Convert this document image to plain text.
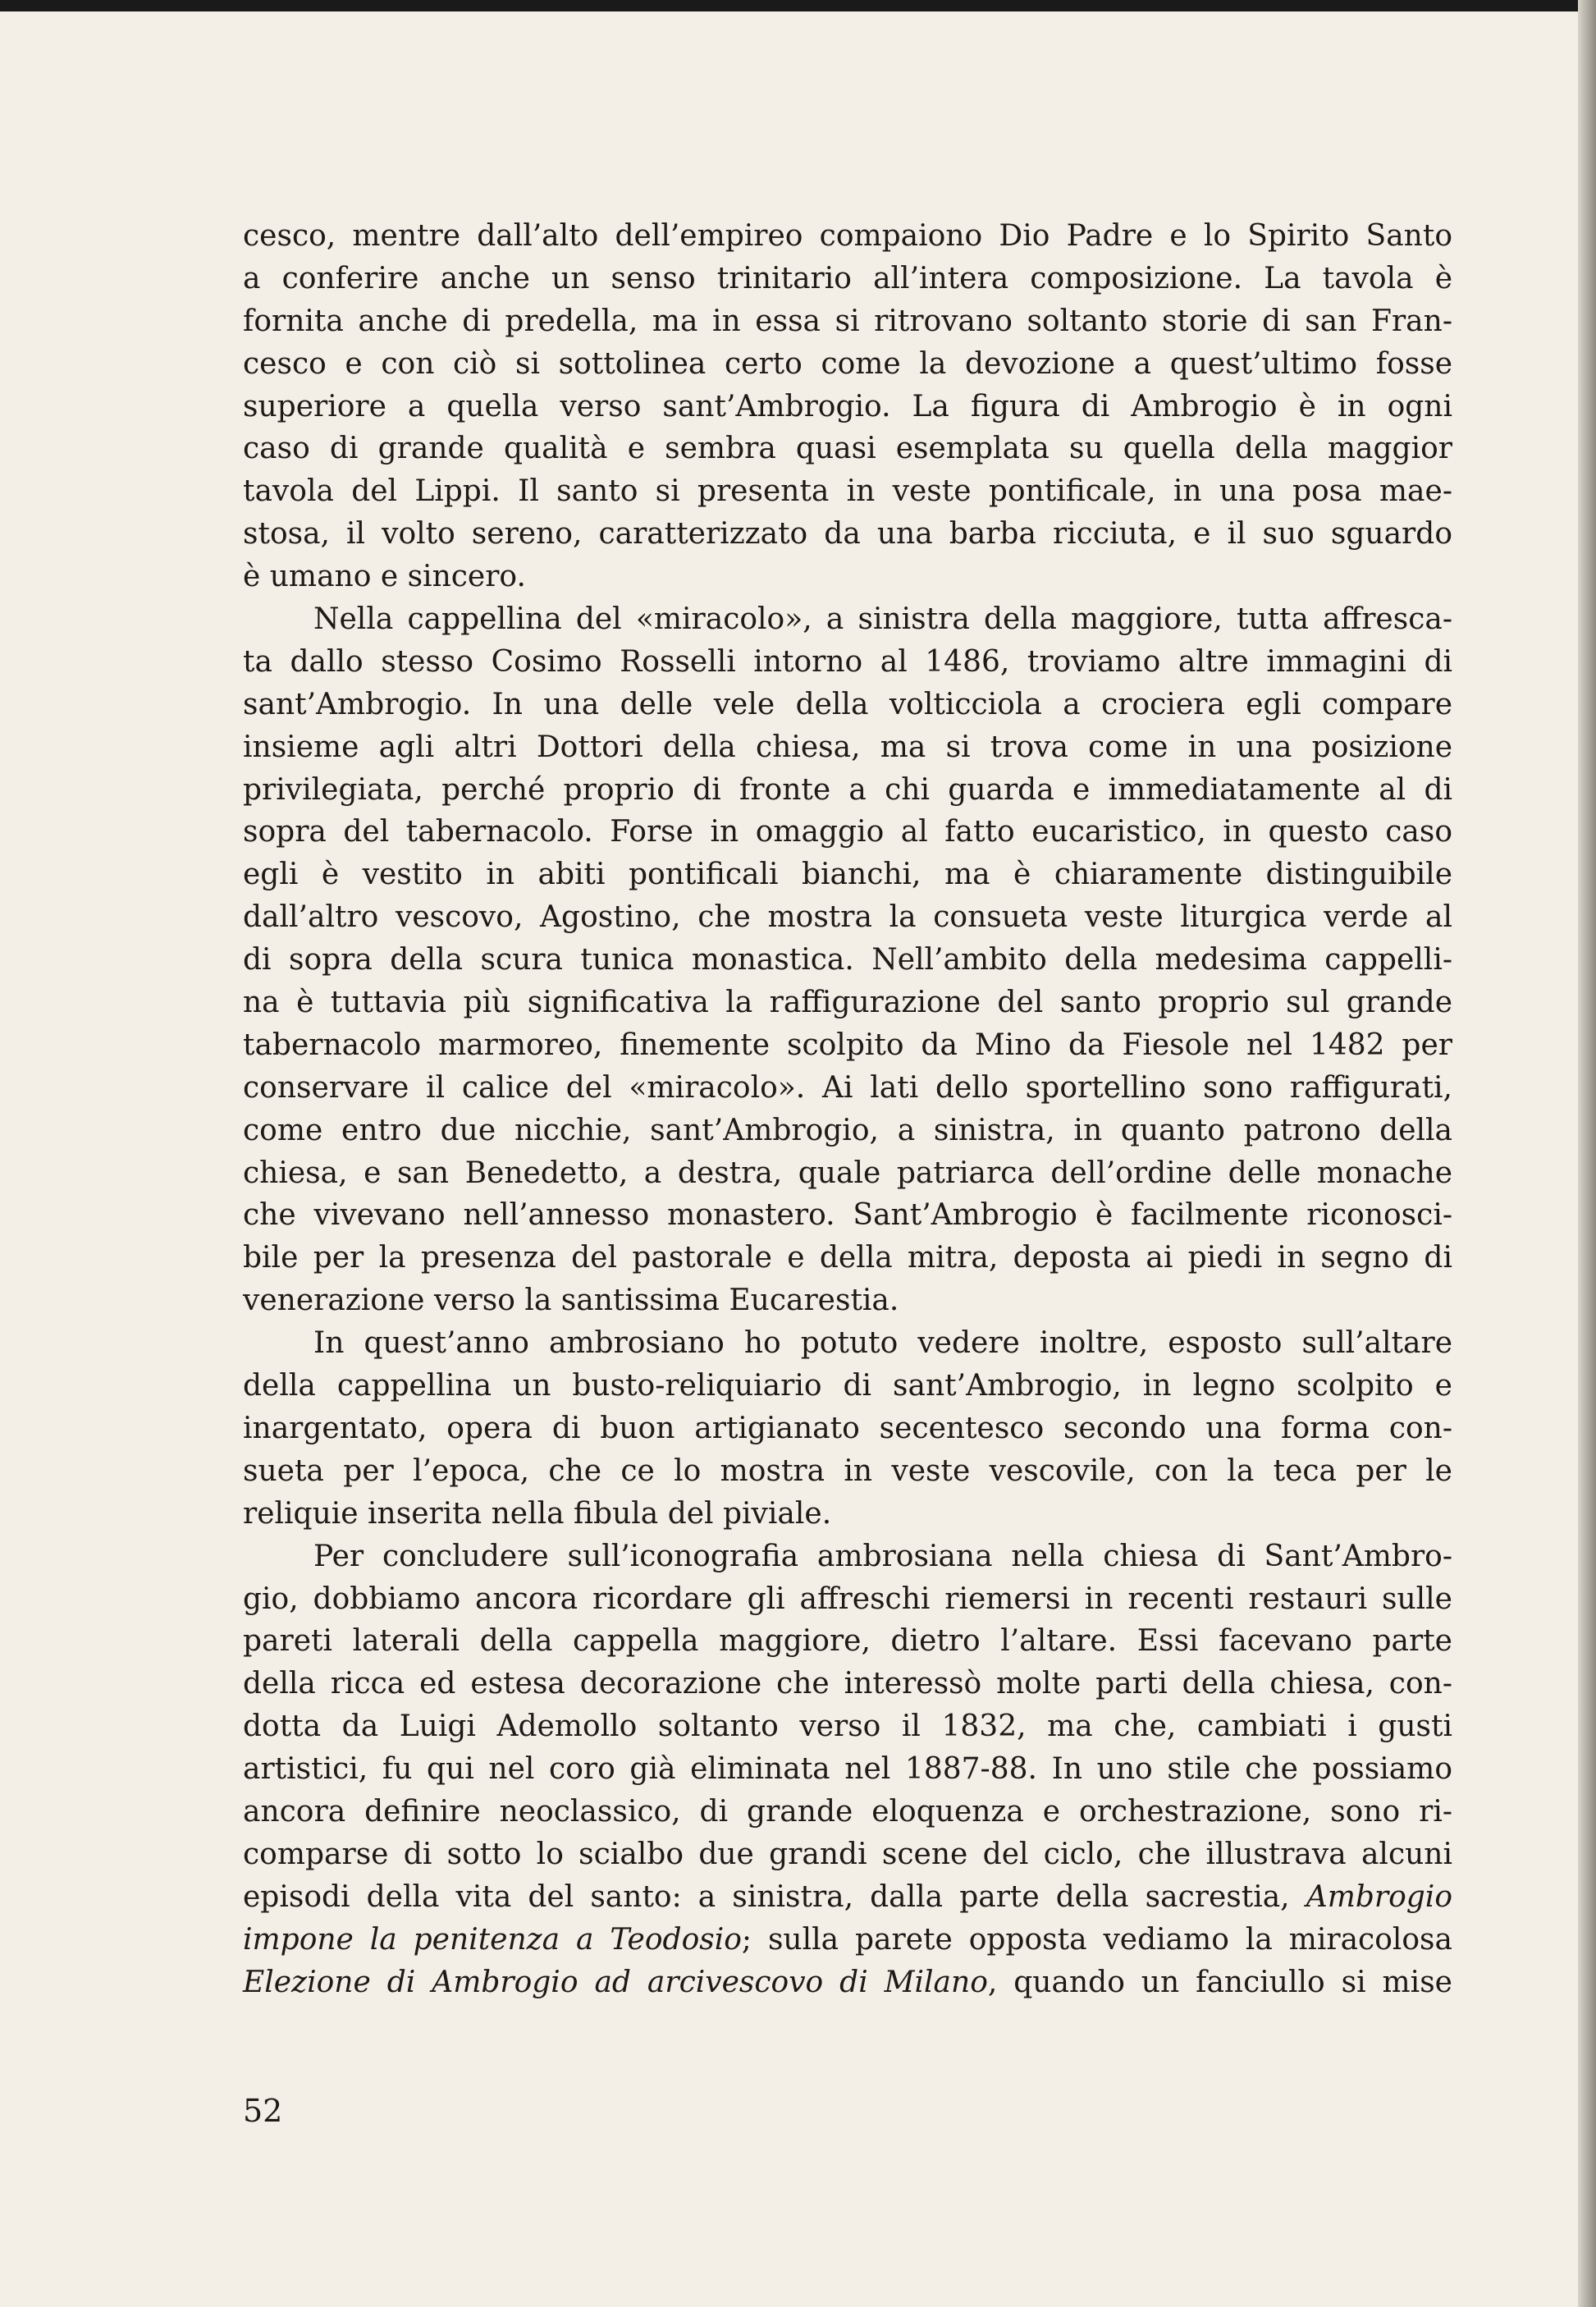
cesco, mentre dall’alto dell’empireo compaiono Dio Padre e lo Spirito Santo
a conferire anche un senso trinitario all’intera composizione. La tavola è
fornita anche di predella, ma in essa si ritrovano soltanto storie di san Fran-
cesco e con ciò si sottolinea certo come la devozione a quest’ultimo fosse
superiore a quella verso sant’Ambrogio. La figura di Ambrogio è in ogni
caso di grande qualità e sembra quasi esemplata su quella della maggior
tavola del Lippi. Il santo si presenta in veste pontificale, in una posa mae-
stosa, il volto sereno, caratterizzato da una barba ricciuta, e il suo sguardo
è umano e sincero.
Nella cappellina del «miracolo», a sinistra della maggiore, tutta affresca-
ta dallo stesso Cosimo Rosselli intorno al 1486, troviamo altre immagini di
sant’Ambrogio. In una delle vele della volticciola a crociera egli compare
insieme agli altri Dottori della chiesa, ma si trova come in una posizione
privilegiata, perché proprio di fronte a chi guarda e immediatamente al di
sopra del tabernacolo. Forse in omaggio al fatto eucaristico, in questo caso
egli è vestito in abiti pontificali bianchi, ma è chiaramente distinguibile
dall’altro vescovo, Agostino, che mostra la consueta veste liturgica verde al
di sopra della scura tunica monastica. Nell’ambito della medesima cappelli-
na è tuttavia più significativa la raffigurazione del santo proprio sul grande
tabernacolo marmoreo, finemente scolpito da Mino da Fiesole nel 1482 per
conservare il calice del «miracolo». Ai lati dello sportellino sono raffigurati,
come entro due nicchie, sant’Ambrogio, a sinistra, in quanto patrono della
chiesa, e san Benedetto, a destra, quale patriarca dell’ordine delle monache
che vivevano nell’annesso monastero. Sant’Ambrogio è facilmente riconosci-
bile per la presenza del pastorale e della mitra, deposta ai piedi in segno di
venerazione verso la santissima Eucarestia.
In quest’anno ambrosiano ho potuto vedere inoltre, esposto sull’altare
della cappellina un busto-reliquiario di sant’Ambrogio, in legno scolpito e
inargentato, opera di buon artigianato secentesco secondo una forma con-
sueta per l’epoca, che ce lo mostra in veste vescovile, con la teca per le
reliquie inserita nella fibula del piviale.
Per concludere sull’iconografia ambrosiana nella chiesa di Sant’Ambro-
gio, dobbiamo ancora ricordare gli affreschi riemersi in recenti restauri sulle
pareti laterali della cappella maggiore, dietro l’altare. Essi facevano parte
della ricca ed estesa decorazione che interessò molte parti della chiesa, con-
dotta da Luigi Ademollo soltanto verso il 1832, ma che, cambiati i gusti
artistici, fu qui nel coro già eliminata nel 1887-88. In uno stile che possiamo
ancora definire neoclassico, di grande eloquenza e orchestrazione, sono ri-
comparse di sotto lo scialbo due grandi scene del ciclo, che illustrava alcuni
episodi della vita del santo: a sinistra, dalla parte della sacrestia, Ambrogio
impone la penitenza a Teodosio; sulla parete opposta vediamo la miracolosa
Elezione di Ambrogio ad arcivescovo di Milano, quando un fanciullo si mise
52
